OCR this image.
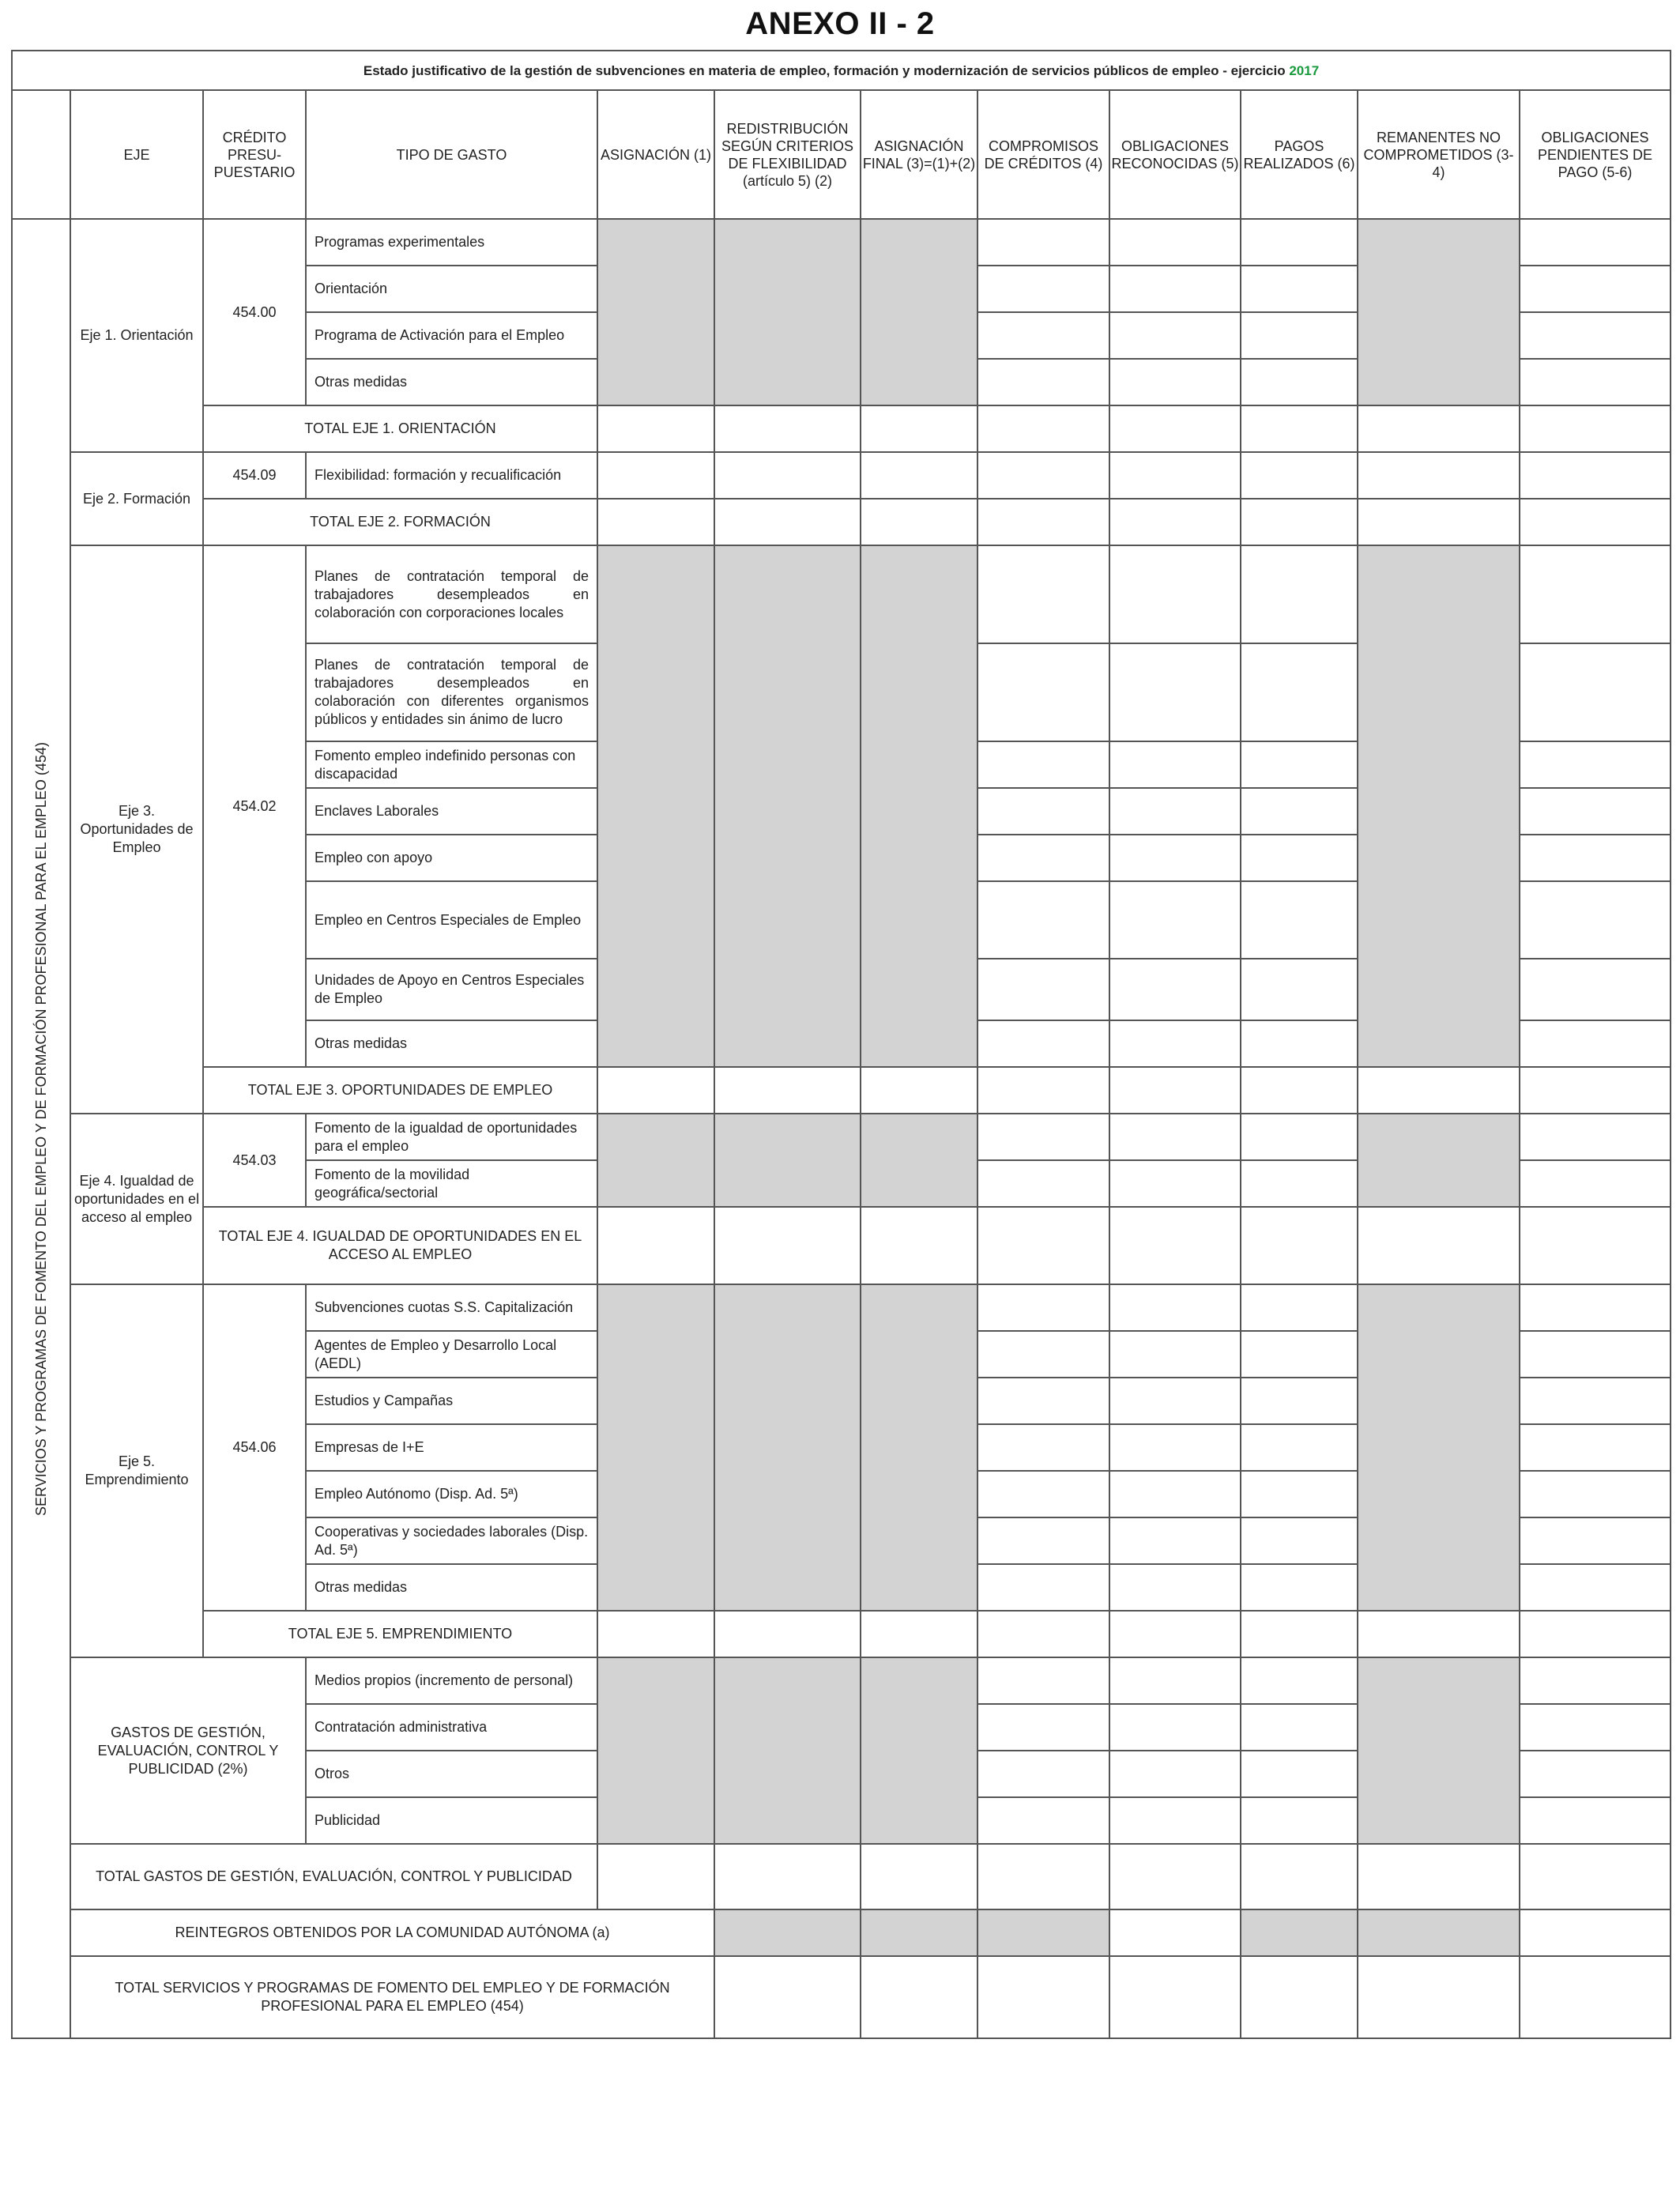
ANEXO II - 2
Estado justificativo de la gestión de subvenciones en materia de empleo, formación y modernización de servicios públicos de empleo - ejercicio 2017												
	EJE	CRÉDITO PRESU-PUESTARIO	TIPO DE GASTO	ASIGNACIÓN (1)	REDISTRIBUCIÓN SEGÚN CRITERIOS DE FLEXIBILIDAD (artículo 5) (2)	ASIGNACIÓN FINAL (3)=(1)+(2)	COMPROMISOS DE CRÉDITOS (4)	OBLIGACIONES RECONOCIDAS (5)	PAGOS REALIZADOS (6)	REMANENTES NO COMPROMETIDOS (3-4)	OBLIGACIONES PENDIENTES DE PAGO (5-6)	

SERVICIOS Y PROGRAMAS DE FOMENTO DEL EMPLEO Y DE FORMACIÓN PROFESIONAL PARA EL EMPLEO (454)	Eje 1. Orientación	454.00	Programas experimentales									
			Orientación									
			Programa de Activación para el Empleo									
			Otras medidas									
		TOTAL EJE 1. ORIENTACIÓN										
	Eje 2. Formación	454.09	Flexibilidad: formación y recualificación									
		TOTAL EJE 2. FORMACIÓN										
	Eje 3. Oportunidades de Empleo	454.02	Planes de contratación temporal de trabajadores desempleados en colaboración con corporaciones locales									
			Planes de contratación temporal de trabajadores desempleados en colaboración con diferentes organismos públicos y entidades sin ánimo de lucro									
			Fomento empleo indefinido personas con discapacidad									
			Enclaves Laborales									
			Empleo con apoyo									
			Empleo en Centros Especiales de Empleo									
			Unidades de Apoyo en Centros Especiales de Empleo									
			Otras medidas									
		TOTAL EJE 3. OPORTUNIDADES DE EMPLEO										
	Eje 4. Igualdad de oportunidades en el acceso al empleo	454.03	Fomento de la igualdad de oportunidades para el empleo									
			Fomento de la movilidad geográfica/sectorial									
		TOTAL EJE 4. IGUALDAD DE OPORTUNIDADES EN EL ACCESO AL EMPLEO										
	Eje 5. Emprendimiento	454.06	Subvenciones cuotas S.S. Capitalización									
			Agentes de Empleo y Desarrollo Local (AEDL)									
			Estudios y Campañas									
			Empresas de I+E									
			Empleo Autónomo (Disp. Ad. 5ª)									
			Cooperativas y sociedades laborales (Disp. Ad. 5ª)									
			Otras medidas									
		TOTAL EJE 5. EMPRENDIMIENTO										
	GASTOS DE GESTIÓN, EVALUACIÓN, CONTROL Y PUBLICIDAD (2%)		Medios propios (incremento de personal)									
			Contratación administrativa									
			Otros									
			Publicidad									
	TOTAL GASTOS DE GESTIÓN, EVALUACIÓN, CONTROL Y PUBLICIDAD											
	REINTEGROS OBTENIDOS POR LA COMUNIDAD AUTÓNOMA (a)											
	TOTAL SERVICIOS Y PROGRAMAS DE FOMENTO DEL EMPLEO Y DE FORMACIÓN PROFESIONAL PARA EL EMPLEO (454)											
